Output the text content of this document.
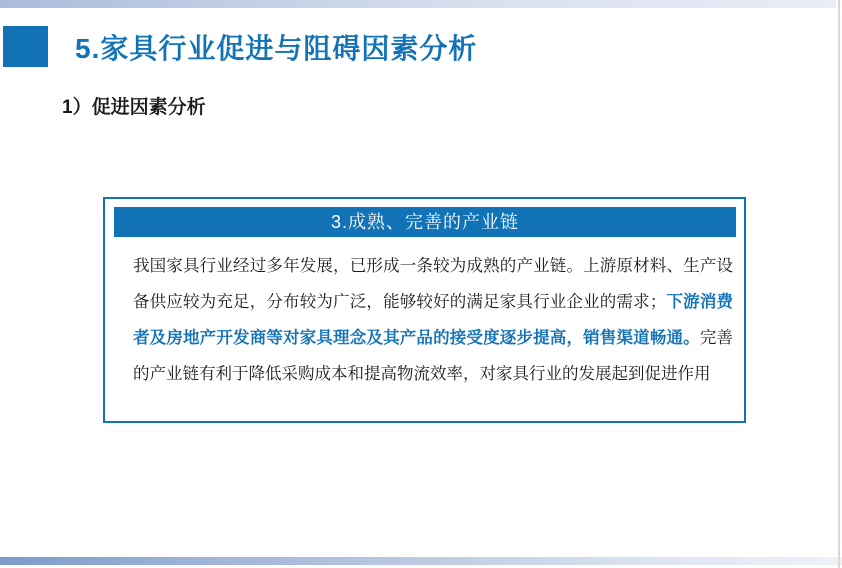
5.家具行业促进与阻碍因素分析
1）促进因素分析
3.成熟、完善的产业链
我国家具行业经过多年发展，已形成一条较为成熟的产业链。上游原材料、生产设备供应较为充足，分布较为广泛，能够较好的满足家具行业企业的需求；下游消费者及房地产开发商等对家具理念及其产品的接受度逐步提高，销售渠道畅通。完善的产业链有利于降低采购成本和提高物流效率，对家具行业的发展起到促进作用
